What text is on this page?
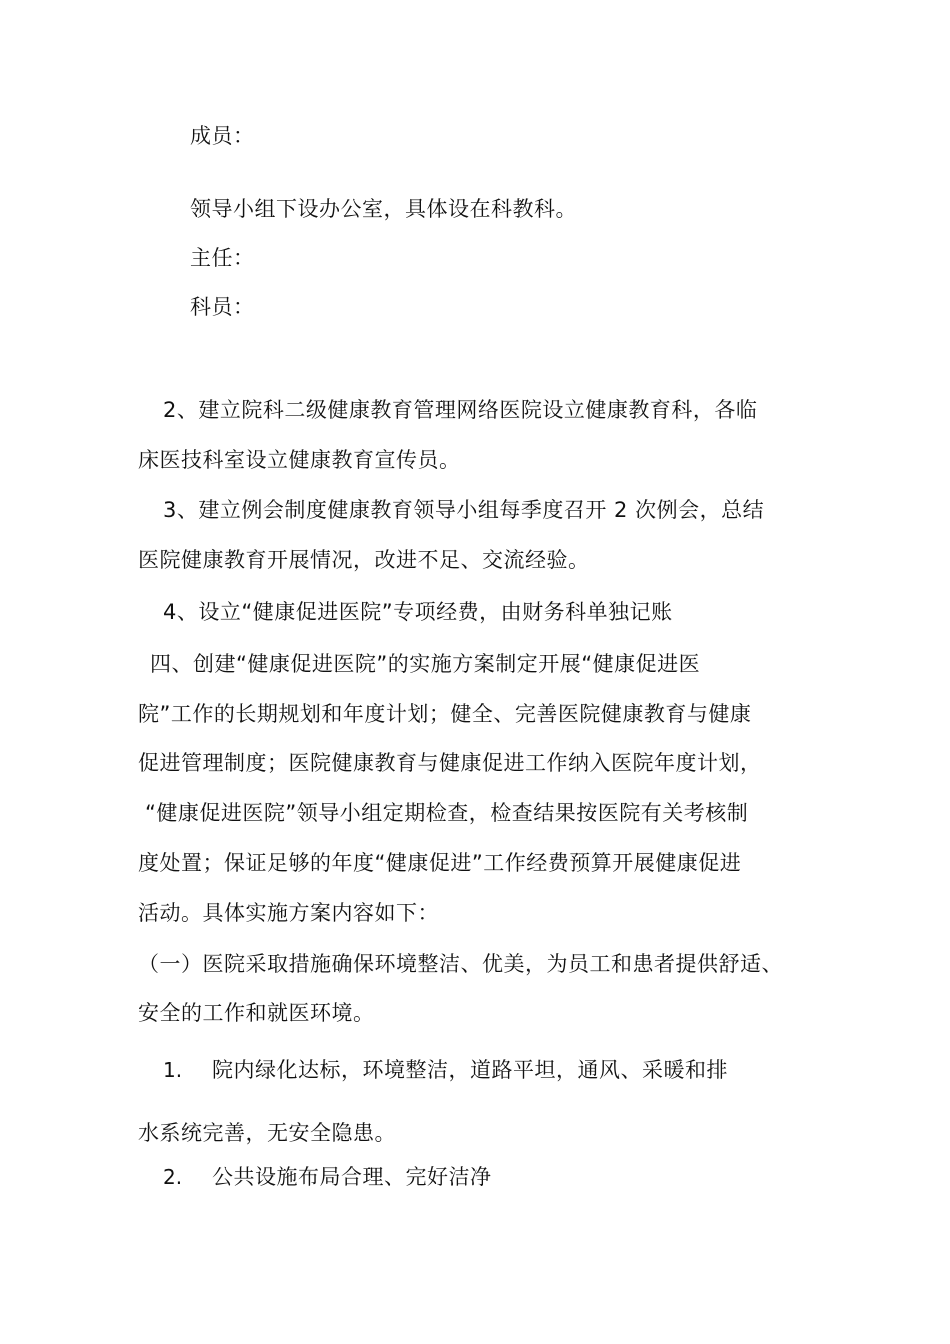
成员：
领导小组下设办公室，具体设在科教科。
主任：
科员：
2、建立院科二级健康教育管理网络医院设立健康教育科，各临
床医技科室设立健康教育宣传员。
3、建立例会制度健康教育领导小组每季度召开 2 次例会，总结
医院健康教育开展情况，改进不足、交流经验。
4、设立“健康促进医院”专项经费，由财务科单独记账
四、创建“健康促进医院”的实施方案制定开展“健康促进医
院”工作的长期规划和年度计划；健全、完善医院健康教育与健康
促进管理制度；医院健康教育与健康促进工作纳入医院年度计划，
“健康促进医院”领导小组定期检查，检查结果按医院有关考核制
度处置；保证足够的年度“健康促进”工作经费预算开展健康促进
活动。具体实施方案内容如下：
（一）医院采取措施确保环境整洁、优美，为员工和患者提供舒适、
安全的工作和就医环境。
1. 院内绿化达标，环境整洁，道路平坦，通风、采暖和排
水系统完善，无安全隐患。
2. 公共设施布局合理、完好洁净
